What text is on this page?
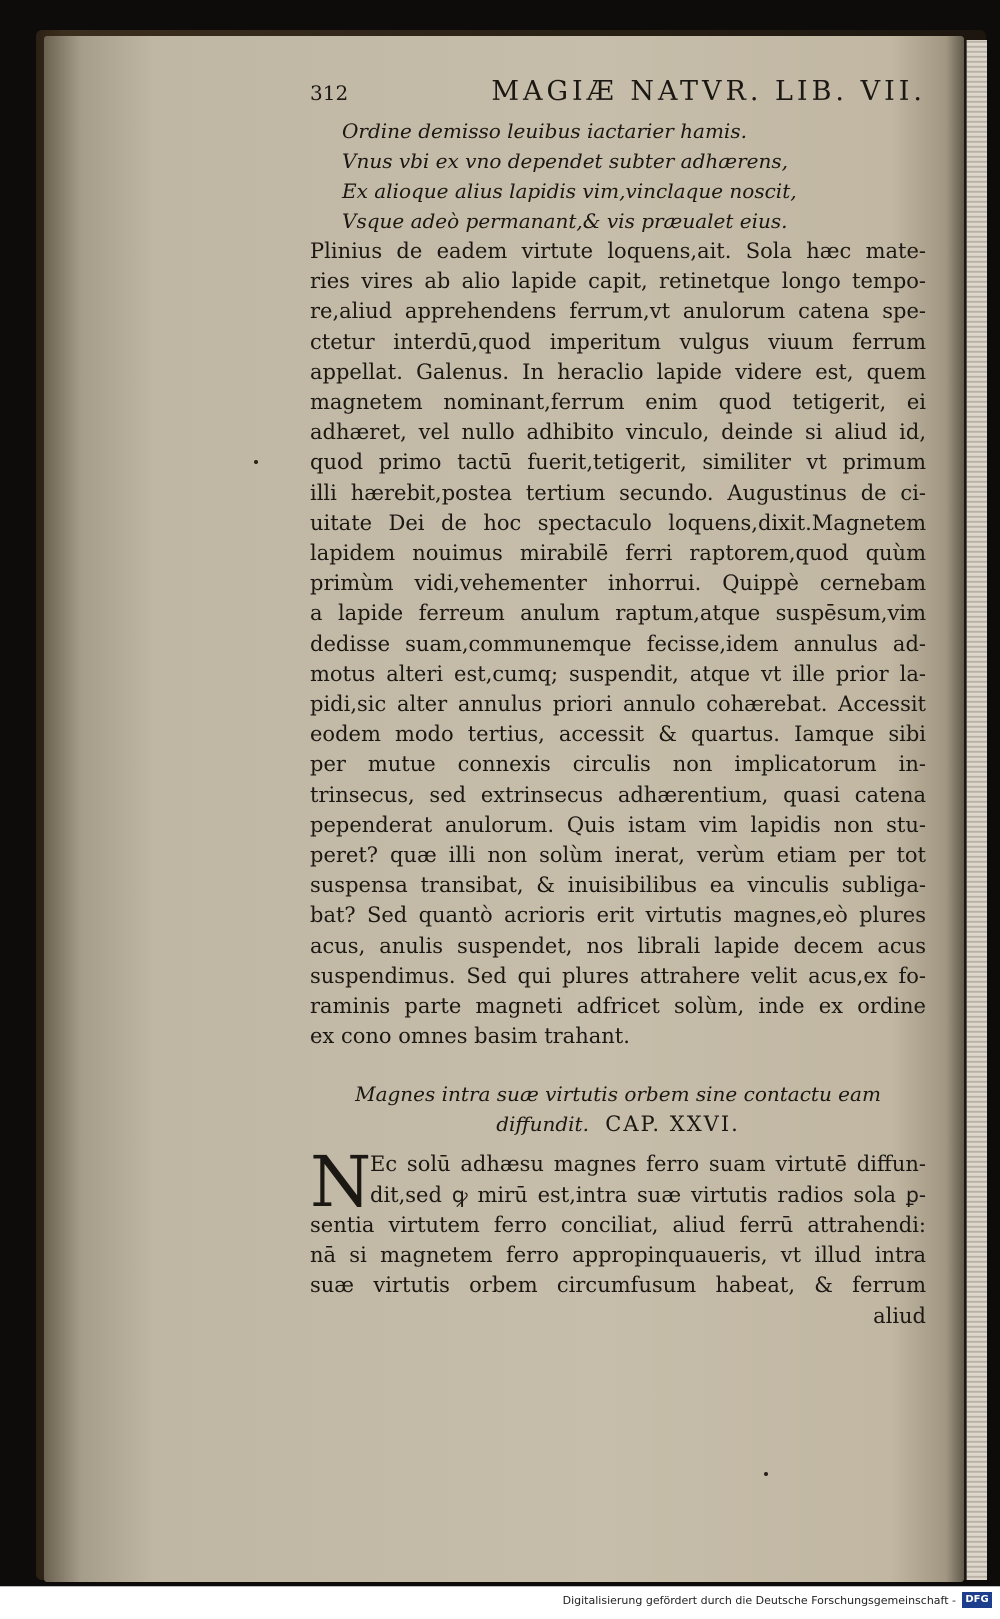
312	MAGIÆ NATVR. LIB. VII.
Ordine demisso leuibus iactarier hamis.
Vnus vbi ex vno dependet subter adhærens,
Ex alioque alius lapidis vim,vinclaque noscit,
Vsque adeò permanant,& vis præualet eius.
Plinius de eadem virtute loquens,ait. Sola hæc mate-
ries vires ab alio lapide capit, retinetque longo tempo-
re,aliud apprehendens ferrum,vt anulorum catena spe-
ctetur interdū,quod imperitum vulgus viuum ferrum
appellat. Galenus. In heraclio lapide videre est, quem
magnetem nominant,ferrum enim quod tetigerit, ei
adhæret, vel nullo adhibito vinculo, deinde si aliud id,
quod primo tactū fuerit,tetigerit, similiter vt primum
illi hærebit,postea tertium secundo. Augustinus de ci-
uitate Dei de hoc spectaculo loquens,dixit.Magnetem
lapidem nouimus mirabilē ferri raptorem,quod quùm
primùm vidi,vehementer inhorrui. Quippè cernebam
a lapide ferreum anulum raptum,atque suspēsum,vim
dedisse suam,communemque fecisse,idem annulus ad-
motus alteri est,cumq; suspendit, atque vt ille prior la-
pidi,sic alter annulus priori annulo cohærebat. Accessit
eodem modo tertius, accessit & quartus. Iamque sibi
per mutue connexis circulis non implicatorum in-
trinsecus, sed extrinsecus adhærentium, quasi catena
pependerat anulorum. Quis istam vim lapidis non stu-
peret? quæ illi non solùm inerat, verùm etiam per tot
suspensa transibat, & inuisibilibus ea vinculis subliga-
bat? Sed quantò acrioris erit virtutis magnes,eò plures
acus, anulis suspendet, nos librali lapide decem acus
suspendimus. Sed qui plures attrahere velit acus,ex fo-
raminis parte magneti adfricet solùm, inde ex ordine
ex cono omnes basim trahant.
Magnes intra suæ virtutis orbem sine contactu eam
diffundit. CAP. XXVI.
N
Ec solū adhæsu magnes ferro suam virtutē diffun-
dit,sed ꝙ mirū est,intra suæ virtutis radios sola ꝑ-
sentia virtutem ferro conciliat, aliud ferrū attrahendi:
nā si magnetem ferro appropinquaueris, vt illud intra
suæ virtutis orbem circumfusum habeat, & ferrum
aliud
Digitalisierung gefördert durch die Deutsche Forschungsgemeinschaft - DFG
